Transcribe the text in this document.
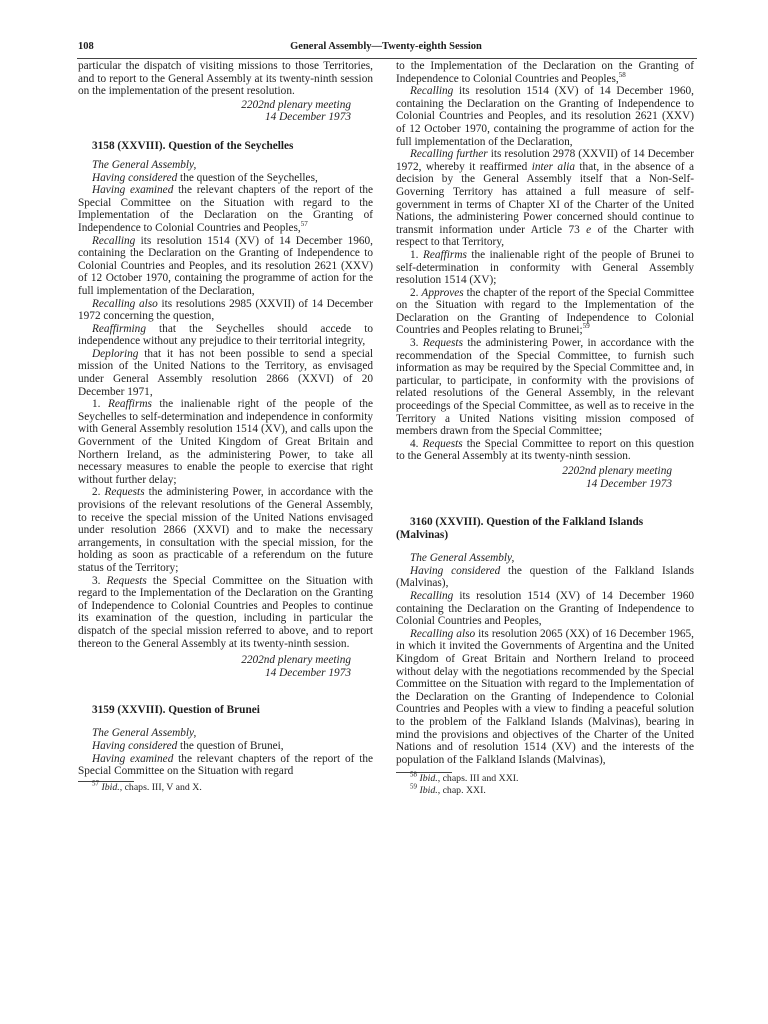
108	General Assembly—Twenty-eighth Session

particular the dispatch of visiting missions to those Territories, and to report to the General Assembly at its twenty-ninth session on the implementation of the present resolution.

2202nd plenary meeting
14 December 1973

3158 (XXVIII). Question of the Seychelles

The General Assembly,

Having considered the question of the Seychelles,

Having examined the relevant chapters of the report of the Special Committee on the Situation with regard to the Implementation of the Declaration on the Granting of Independence to Colonial Countries and Peoples,$^{57}$

Recalling its resolution 1514 (XV) of 14 December 1960, containing the Declaration on the Granting of Independence to Colonial Countries and Peoples, and its resolution 2621 (XXV) of 12 October 1970, containing the programme of action for the full implementation of the Declaration,

Recalling also its resolutions 2985 (XXVII) of 14 December 1972 concerning the question,

Reaffirming that the Seychelles should accede to independence without any prejudice to their territorial integrity,

Deploring that it has not been possible to send a special mission of the United Nations to the Territory, as envisaged under General Assembly resolution 2866 (XXVI) of 20 December 1971,

1. Reaffirms the inalienable right of the people of the Seychelles to self-determination and independence in conformity with General Assembly resolution 1514 (XV), and calls upon the Government of the United Kingdom of Great Britain and Northern Ireland, as the administering Power, to take all necessary measures to enable the people to exercise that right without further delay;

2. Requests the administering Power, in accordance with the provisions of the relevant resolutions of the General Assembly, to receive the special mission of the United Nations envisaged under resolution 2866 (XXVI) and to make the necessary arrangements, in consultation with the special mission, for the holding as soon as practicable of a referendum on the future status of the Territory;

3. Requests the Special Committee on the Situation with regard to the Implementation of the Declaration on the Granting of Independence to Colonial Countries and Peoples to continue its examination of the question, including in particular the dispatch of the special mission referred to above, and to report thereon to the General Assembly at its twenty-ninth session.

2202nd plenary meeting
14 December 1973

3159 (XXVIII). Question of Brunei

The General Assembly,

Having considered the question of Brunei,

Having examined the relevant chapters of the report of the Special Committee on the Situation with regard

$^{57}$ Ibid., chaps. III, V and X.

to the Implementation of the Declaration on the Granting of Independence to Colonial Countries and Peoples,$^{58}$

Recalling its resolution 1514 (XV) of 14 December 1960, containing the Declaration on the Granting of Independence to Colonial Countries and Peoples, and its resolution 2621 (XXV) of 12 October 1970, containing the programme of action for the full implementation of the Declaration,

Recalling further its resolution 2978 (XXVII) of 14 December 1972, whereby it reaffirmed inter alia that, in the absence of a decision by the General Assembly itself that a Non-Self-Governing Territory has attained a full measure of self-government in terms of Chapter XI of the Charter of the United Nations, the administering Power concerned should continue to transmit information under Article 73 e of the Charter with respect to that Territory,

1. Reaffirms the inalienable right of the people of Brunei to self-determination in conformity with General Assembly resolution 1514 (XV);

2. Approves the chapter of the report of the Special Committee on the Situation with regard to the Implementation of the Declaration on the Granting of Independence to Colonial Countries and Peoples relating to Brunei;$^{59}$

3. Requests the administering Power, in accordance with the recommendation of the Special Committee, to furnish such information as may be required by the Special Committee and, in particular, to participate, in conformity with the provisions of related resolutions of the General Assembly, in the relevant proceedings of the Special Committee, as well as to receive in the Territory a United Nations visiting mission composed of members drawn from the Special Committee;

4. Requests the Special Committee to report on this question to the General Assembly at its twenty-ninth session.

2202nd plenary meeting
14 December 1973

3160 (XXVIII). Question of the Falkland Islands
(Malvinas)

The General Assembly,

Having considered the question of the Falkland Islands (Malvinas),

Recalling its resolution 1514 (XV) of 14 December 1960 containing the Declaration on the Granting of Independence to Colonial Countries and Peoples,

Recalling also its resolution 2065 (XX) of 16 December 1965, in which it invited the Governments of Argentina and the United Kingdom of Great Britain and Northern Ireland to proceed without delay with the negotiations recommended by the Special Committee on the Situation with regard to the Implementation of the Declaration on the Granting of Independence to Colonial Countries and Peoples with a view to finding a peaceful solution to the problem of the Falkland Islands (Malvinas), bearing in mind the provisions and objectives of the Charter of the United Nations and of resolution 1514 (XV) and the interests of the population of the Falkland Islands (Malvinas),

$^{58}$ Ibid., chaps. III and XXI.

$^{59}$ Ibid., chap. XXI.
